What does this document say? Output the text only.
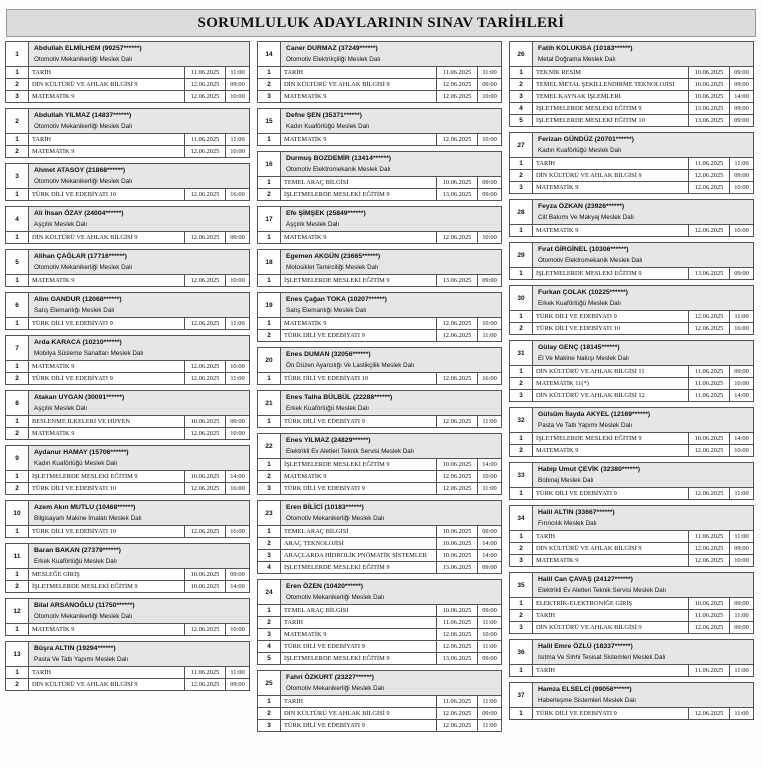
SORUMLULUK ADAYLARININ SINAV TARİHLERİ
1
Abdullah ELMİLHEM (99257******)
Otomotiv Mekanikerliği Meslek Dalı
1	TARİH	11.06.2025	11:00
2	DİN KÜLTÜRÜ VE AHLAK BİLGİSİ 9	12.06.2025	09:00
3	MATEMATİK 9	12.06.2025	10:00
2
Abdullah YILMAZ (14837******)
Otomotiv Mekanikerliği Meslek Dalı
1	TARİH	11.06.2025	11:00
2	MATEMATİK 9	12.06.2025	10:00
3
Ahmet ATASOY (21868******)
Otomotiv Mekanikerliği Meslek Dalı
1	TÜRK DİLİ VE EDEBİYATI 10	12.06.2025	16:00
4
Ali İhsan ÖZAY (24004******)
Aşçılık Meslek Dalı
1	DİN KÜLTÜRÜ VE AHLAK BİLGİSİ 9	12.06.2025	09:00
5
Alihan ÇAĞLAR (17716******)
Otomotiv Mekanikerliği Meslek Dalı
1	MATEMATİK 9	12.06.2025	10:00
6
Alim GANDUR (12068******)
Satış Elemanlığı Meslek Dalı
1	TÜRK DİLİ VE EDEBİYATI 9	12.06.2025	11:00
7
Arda KARACA (10210******)
Mobilya Süsleme Sanatları Meslek Dalı
1	MATEMATİK 9	12.06.2025	10:00
2	TÜRK DİLİ VE EDEBİYATI 9	12.06.2025	11:00
8
Atakan UYGAN (30091******)
Aşçılık Meslek Dalı
1	BESLENME İLKELERİ VE HİJYEN	10.06.2025	09:00
2	MATEMATİK 9	12.06.2025	10:00
9
Aydanur HAMAY (15706******)
Kadın Kuaförlüğü Meslek Dalı
1	İŞLETMELERDE MESLEKİ EĞİTİM 9	10.06.2025	14:00
2	TÜRK DİLİ VE EDEBİYATI 10	12.06.2025	16:00
10
Azem Akın MUTLU (10468******)
Bilgisayarlı Makine İmalatı Meslek Dalı
1	TÜRK DİLİ VE EDEBİYATI 10	12.06.2025	16:00
11
Baran BAKAN (27379******)
Erkek Kuaförlüğü Meslek Dalı
1	MESLEĞE GİRİŞ	10.06.2025	09:00
2	İŞLETMELERDE MESLEKİ EĞİTİM 9	10.06.2025	14:00
12
Bilal ARSANOĞLU (11750******)
Otomotiv Mekanikerliği Meslek Dalı
1	MATEMATİK 9	12.06.2025	10:00
13
Büşra ALTIN (19294******)
Pasta Ve Tatlı Yapımı Meslek Dalı
1	TARİH	11.06.2025	11:00
2	DİN KÜLTÜRÜ VE AHLAK BİLGİSİ 9	12.06.2025	09:00
14
Caner DURMAZ (37249******)
Otomotiv Elektrikçiliği Meslek Dalı
1	TARİH	11.06.2025	11:00
2	DİN KÜLTÜRÜ VE AHLAK BİLGİSİ 9	12.06.2025	09:00
3	MATEMATİK 9	12.06.2025	10:00
15
Defne ŞEN (35371******)
Kadın Kuaförlüğü Meslek Dalı
1	MATEMATİK 9	12.06.2025	10:00
16
Durmuş BOZDEMİR (13414******)
Otomotiv Elektromekanik Meslek Dalı
1	TEMEL ARAÇ BİLGİSİ	10.06.2025	09:00
2	İŞLETMELERDE MESLEKİ EĞİTİM 9	13.06.2025	09:00
17
Efe ŞİMŞEK (25849******)
Aşçılık Meslek Dalı
1	MATEMATİK 9	12.06.2025	10:00
18
Egemen AKGÜN (23665******)
Motosiklet Tamirciliği Meslek Dalı
1	İŞLETMELERDE MESLEKİ EĞİTİM 9	13.06.2025	09:00
19
Enes Çağan TOKA (10207******)
Satış Elemanlığı Meslek Dalı
1	MATEMATİK 9	12.06.2025	10:00
2	TÜRK DİLİ VE EDEBİYATI 9	12.06.2025	11:00
20
Enes DUMAN (32056******)
Ön Düzen Ayarcılığı Ve Lastikçilik Meslek Dalı
1	TÜRK DİLİ VE EDEBİYATI 10	12.06.2025	16:00
21
Enes Talha BÜLBÜL (22288******)
Erkek Kuaförlüğü Meslek Dalı
1	TÜRK DİLİ VE EDEBİYATI 9	12.06.2025	11:00
22
Enes YILMAZ (24829******)
Elektrikli Ev Aletleri Teknik Servisi Meslek Dalı
1	İŞLETMELERDE MESLEKİ EĞİTİM 9	10.06.2025	14:00
2	MATEMATİK 9	12.06.2025	10:00
3	TÜRK DİLİ VE EDEBİYATI 9	12.06.2025	11:00
23
Eren BİLİCİ (10183******)
Otomotiv Mekanikerliği Meslek Dalı
1	TEMEL ARAÇ BİLGİSİ	10.06.2025	09:00
2	ARAÇ TEKNOLOJİSİ	10.06.2025	14:00
3	ARAÇLARDA HİDROLİK PNÖMATİK SİSTEMLER	10.06.2025	14:00
4	İŞLETMELERDE MESLEKİ EĞİTİM 9	13.06.2025	09:00
24
Eren ÖZEN (10420******)
Otomotiv Mekanikerliği Meslek Dalı
1	TEMEL ARAÇ BİLGİSİ	10.06.2025	09:00
2	TARİH	11.06.2025	11:00
3	MATEMATİK 9	12.06.2025	10:00
4	TÜRK DİLİ VE EDEBİYATI 9	12.06.2025	11:00
5	İŞLETMELERDE MESLEKİ EĞİTİM 9	13.06.2025	09:00
25
Fahri ÖZKURT (23227******)
Otomotiv Mekanikerliği Meslek Dalı
1	TARİH	11.06.2025	11:00
2	DİN KÜLTÜRÜ VE AHLAK BİLGİSİ 9	12.06.2025	09:00
3	TÜRK DİLİ VE EDEBİYATI 9	12.06.2025	11:00
26
Fatih KOLUKISA (10183******)
Metal Doğrama Meslek Dalı
1	TEKNİK RESİM	10.06.2025	09:00
2	TEMEL METAL ŞEKİLLENDİRME TEKNOLOJİSİ	10.06.2025	09:00
3	TEMEL KAYNAK İŞLEMLERİ	10.06.2025	14:00
4	İŞLETMELERDE MESLEKİ EĞİTİM 9	13.06.2025	09:00
5	İŞLETMELERDE MESLEKİ EĞİTİM 10	13.06.2025	09:00
27
Ferizan GÜNDÜZ (20701******)
Kadın Kuaförlüğü Meslek Dalı
1	TARİH	11.06.2025	11:00
2	DİN KÜLTÜRÜ VE AHLAK BİLGİSİ 9	12.06.2025	09:00
3	MATEMATİK 9	12.06.2025	10:00
28
Feyza ÖZKAN (23926******)
Cilt Bakımı Ve Makyaj Meslek Dalı
1	MATEMATİK 9	12.06.2025	10:00
29
Fırat GİRGİNEL (10306******)
Otomotiv Elektromekanik Meslek Dalı
1	İŞLETMELERDE MESLEKİ EĞİTİM 9	13.06.2025	09:00
30
Furkan ÇOLAK (10225******)
Erkek Kuaförlüğü Meslek Dalı
1	TÜRK DİLİ VE EDEBİYATI 9	12.06.2025	11:00
2	TÜRK DİLİ VE EDEBİYATI 10	12.06.2025	16:00
31
Gülay GENÇ (18145******)
El Ve Makine Nakışı Meslek Dalı
1	DİN KÜLTÜRÜ VE AHLAK BİLGİSİ 11	11.06.2025	09:00
2	MATEMATİK 11(*)	11.06.2025	10:00
3	DİN KÜLTÜRÜ VE AHLAK BİLGİSİ 12	11.06.2025	14:00
32
Gülsüm İlayda AKYEL (12169******)
Pasta Ve Tatlı Yapımı Meslek Dalı
1	İŞLETMELERDE MESLEKİ EĞİTİM 9	10.06.2025	14:00
2	MATEMATİK 9	12.06.2025	10:00
33
Habip Umut ÇEVİK (32380******)
Bobinaj Meslek Dalı
1	TÜRK DİLİ VE EDEBİYATI 9	12.06.2025	11:00
34
Halil ALTIN (33667******)
Fırıncılık Meslek Dalı
1	TARİH	11.06.2025	11:00
2	DİN KÜLTÜRÜ VE AHLAK BİLGİSİ 9	12.06.2025	09:00
3	MATEMATİK 9	12.06.2025	10:00
35
Halil Can ÇAVAŞ (24127******)
Elektrikli Ev Aletleri Teknik Servisi Meslek Dalı
1	ELEKTRİK-ELEKTRONİĞE GİRİŞ	10.06.2025	09:00
2	TARİH	11.06.2025	11:00
3	DİN KÜLTÜRÜ VE AHLAK BİLGİSİ 9	12.06.2025	09:00
36
Halil Emre ÖZLÜ (18337******)
Isıtma Ve Sıhhi Tesisat Sistemleri Meslek Dalı
1	TARİH	11.06.2025	11:00
37
Hamza ELSELCİ (99056******)
Haberleşme Sistemleri Meslek Dalı
1	TÜRK DİLİ VE EDEBİYATI 9	12.06.2025	11:00
